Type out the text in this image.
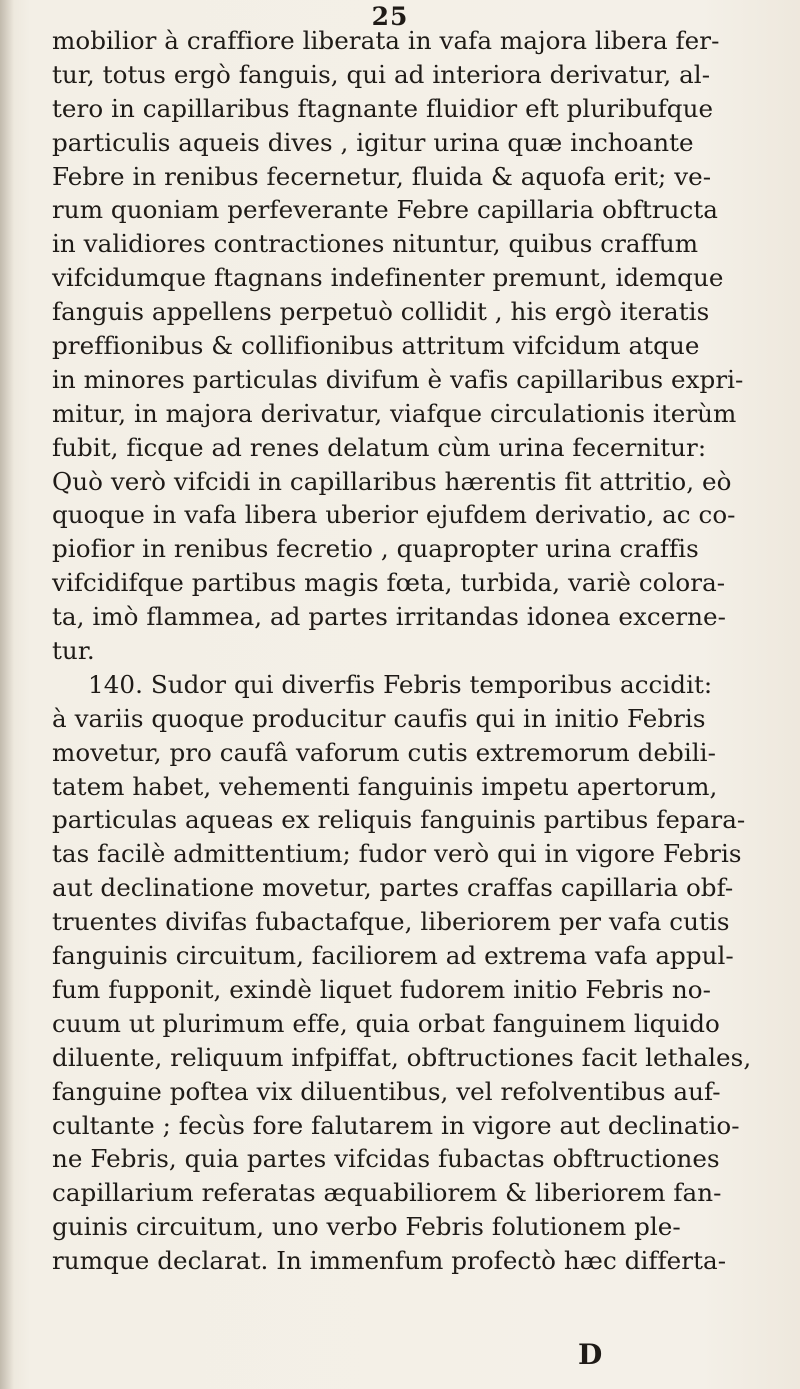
25
mobilior à craffiore liberata in vafa majora libera fer-
tur, totus ergò fanguis, qui ad interiora derivatur, al-
tero in capillaribus ftagnante fluidior eft pluribufque
particulis aqueis dives , igitur urina quæ inchoante
Febre in renibus fecernetur, fluida & aquofa erit; ve-
rum quoniam perfeverante Febre capillaria obftructa
in validiores contractiones nituntur, quibus craffum
vifcidumque ftagnans indefinenter premunt, idemque
fanguis appellens perpetuò collidit , his ergò iteratis
preffionibus & collifionibus attritum vifcidum atque
in minores particulas divifum è vafis capillaribus expri-
mitur, in majora derivatur, viafque circulationis iterùm
fubit, ficque ad renes delatum cùm urina fecernitur:
Quò verò vifcidi in capillaribus hærentis fit attritio, eò
quoque in vafa libera uberior ejufdem derivatio, ac co-
piofior in renibus fecretio , quapropter urina craffis
vifcidifque partibus magis fœta, turbida, variè colora-
ta, imò flammea, ad partes irritandas idonea excerne-
tur.
140. Sudor qui diverfis Febris temporibus accidit:
à variis quoque producitur caufis qui in initio Febris
movetur, pro caufâ vaforum cutis extremorum debili-
tatem habet, vehementi fanguinis impetu apertorum,
particulas aqueas ex reliquis fanguinis partibus fepara-
tas facilè admittentium; fudor verò qui in vigore Febris
aut declinatione movetur, partes craffas capillaria obf-
truentes divifas fubactafque, liberiorem per vafa cutis
fanguinis circuitum, faciliorem ad extrema vafa appul-
fum fupponit, exindè liquet fudorem initio Febris no-
cuum ut plurimum effe, quia orbat fanguinem liquido
diluente, reliquum infpiffat, obftructiones facit lethales,
fanguine poftea vix diluentibus, vel refolventibus auf-
cultante ; fecùs fore falutarem in vigore aut declinatio-
ne Febris, quia partes vifcidas fubactas obftructiones
capillarium referatas æquabiliorem & liberiorem fan-
guinis circuitum, uno verbo Febris folutionem ple-
rumque declarat. In immenfum profectò hæc differta-
D
